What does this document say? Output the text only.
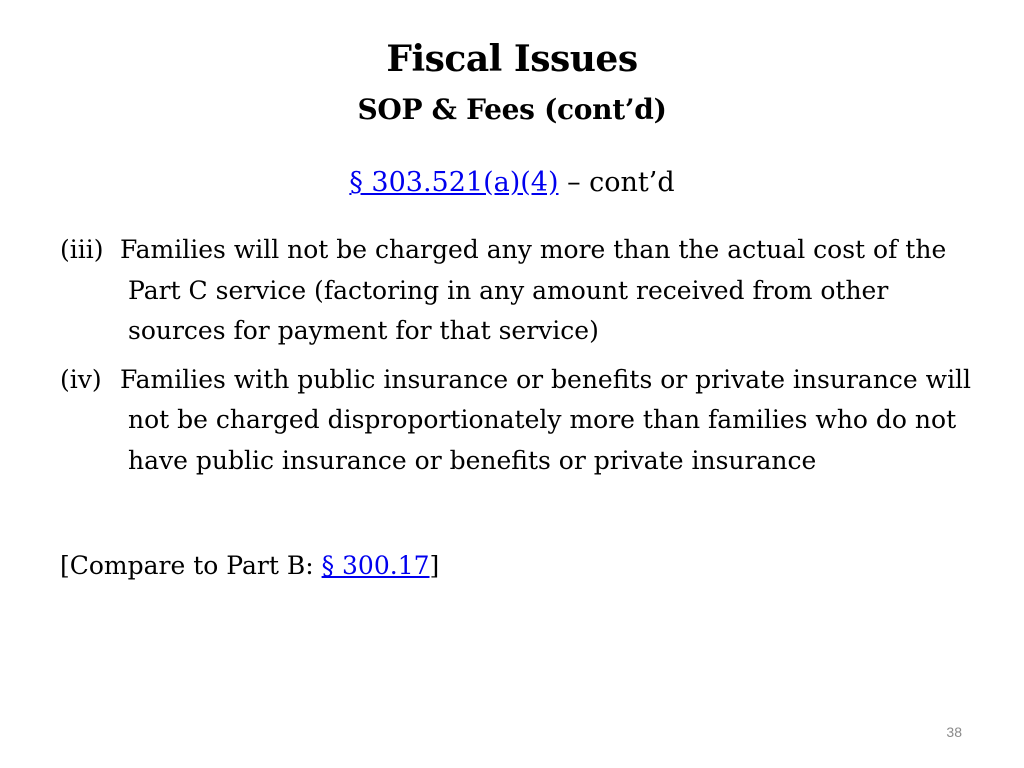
Fiscal Issues
SOP & Fees (cont’d)
§ 303.521(a)(4) – cont’d
(iii) Families will not be charged any more than the actual cost of the Part C service (factoring in any amount received from other sources for payment for that service)
(iv) Families with public insurance or benefits or private insurance will not be charged disproportionately more than families who do not have public insurance or benefits or private insurance
[Compare to Part B: § 300.17]
38
